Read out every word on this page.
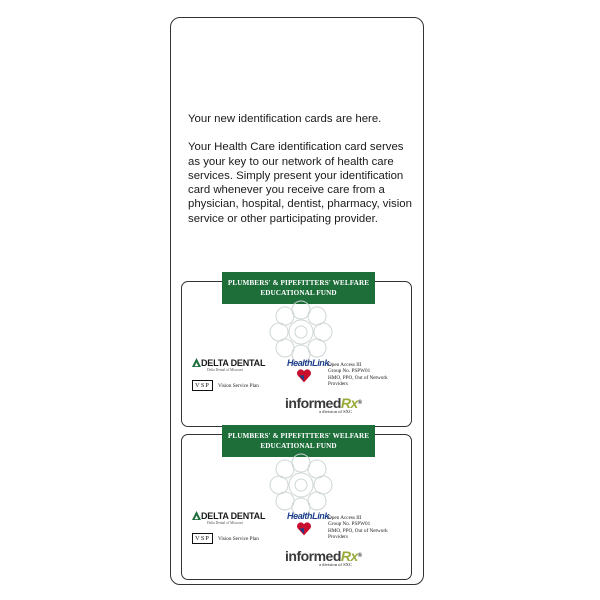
Your new identification cards are here.

Your Health Care identification card serves as your key to our network of health care services. Simply present your identification card whenever you receive care from a physician, hospital, dentist, pharmacy, vision service or other participating provider.

PLUMBERS' & PIPEFITTERS' WELFARE
EDUCATIONAL FUND
DELTA DENTAL
Delta Dental of Missouri
VSP	Vision Service Plan
HealthLink.
Open Access III
Group No. PSPW01
HMO, PPO, Out of Network
Providers
informedRx®
a division of SXC
PLUMBERS' & PIPEFITTERS' WELFARE
EDUCATIONAL FUND
DELTA DENTAL
Delta Dental of Missouri
VSP	Vision Service Plan
HealthLink.
Open Access III
Group No. PSPW01
HMO, PPO, Out of Network
Providers
informedRx®
a division of SXC
